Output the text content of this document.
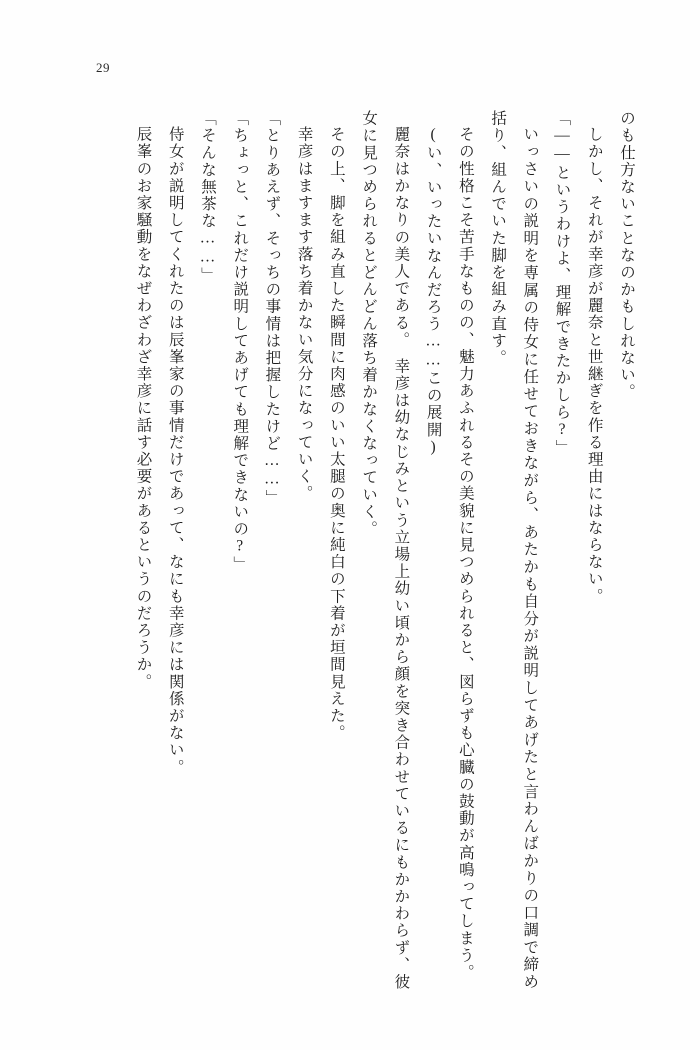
29

のも仕方ないことなのかもしれない。

しかし、それが幸彦が麗奈と世継ぎを作る理由にはならない。

「――というわけよ、理解できたかしら?」

いっさいの説明を専属の侍女に任せておきながら、あたかも自分が説明してあげたと言わんばかりの口調で締め括り、組んでいた脚を組み直す。

その性格こそ苦手なものの、魅力あふれるその美貌に見つめられると、図らずも心臓の鼓動が高鳴ってしまう。

(い、いったいなんだろう……この展開)

麗奈はかなりの美人である。　幸彦は幼なじみという立場上幼い頃から顔を突き合わせているにもかかわらず、彼女に見つめられるとどんどん落ち着かなくなっていく。

その上、脚を組み直した瞬間に肉感のいい太腿の奥に純白の下着が垣間見えた。

幸彦はますます落ち着かない気分になっていく。

「とりあえず、そっちの事情は把握したけど……」

「ちょっと、これだけ説明してあげても理解できないの?」

「そんな無茶な……」

侍女が説明してくれたのは辰峯家の事情だけであって、なにも幸彦には関係がない。

辰峯のお家騒動をなぜわざわざ幸彦に話す必要があるというのだろうか。
